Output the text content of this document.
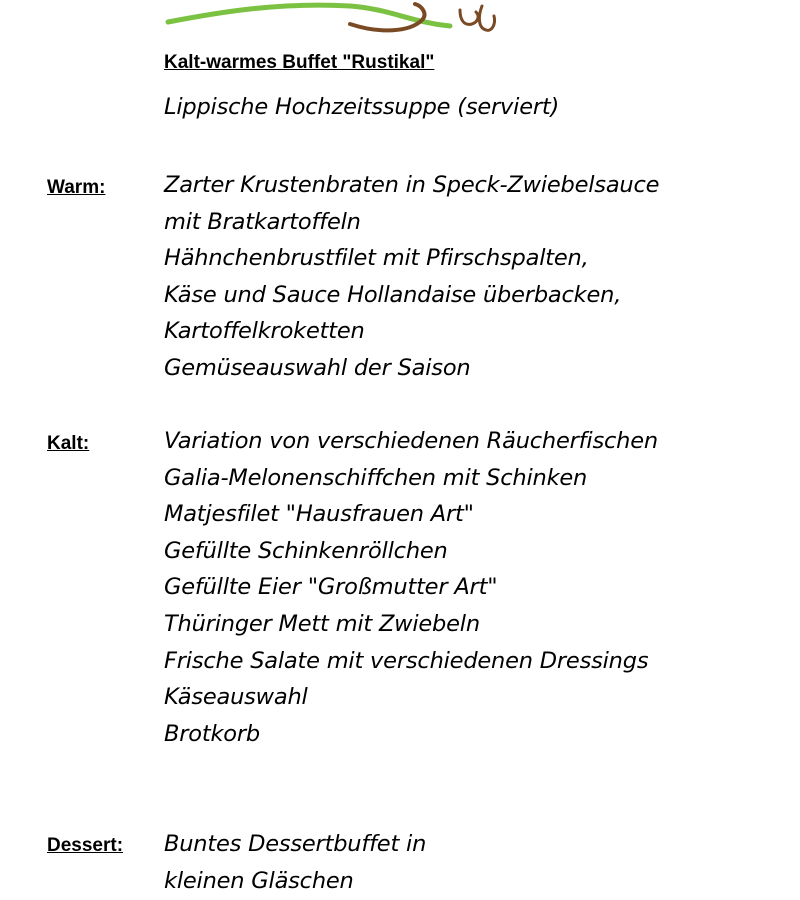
Kalt-warmes Buffet "Rustikal"
Lippische Hochzeitssuppe (serviert)
Warm:	Zarter Krustenbraten in Speck-Zwiebelsauce
mit Bratkartoffeln
Hähnchenbrustfilet mit Pfirschspalten,
Käse und Sauce Hollandaise überbacken,
Kartoffelkroketten
Gemüseauswahl der Saison
Kalt:	Variation von verschiedenen Räucherfischen
Galia-Melonenschiffchen mit Schinken
Matjesfilet "Hausfrauen Art"
Gefüllte Schinkenröllchen
Gefüllte Eier "Großmutter Art"
Thüringer Mett mit Zwiebeln
Frische Salate mit verschiedenen Dressings
Käseauswahl
Brotkorb
Dessert: Buntes Dessertbuffet in
kleinen Gläschen
